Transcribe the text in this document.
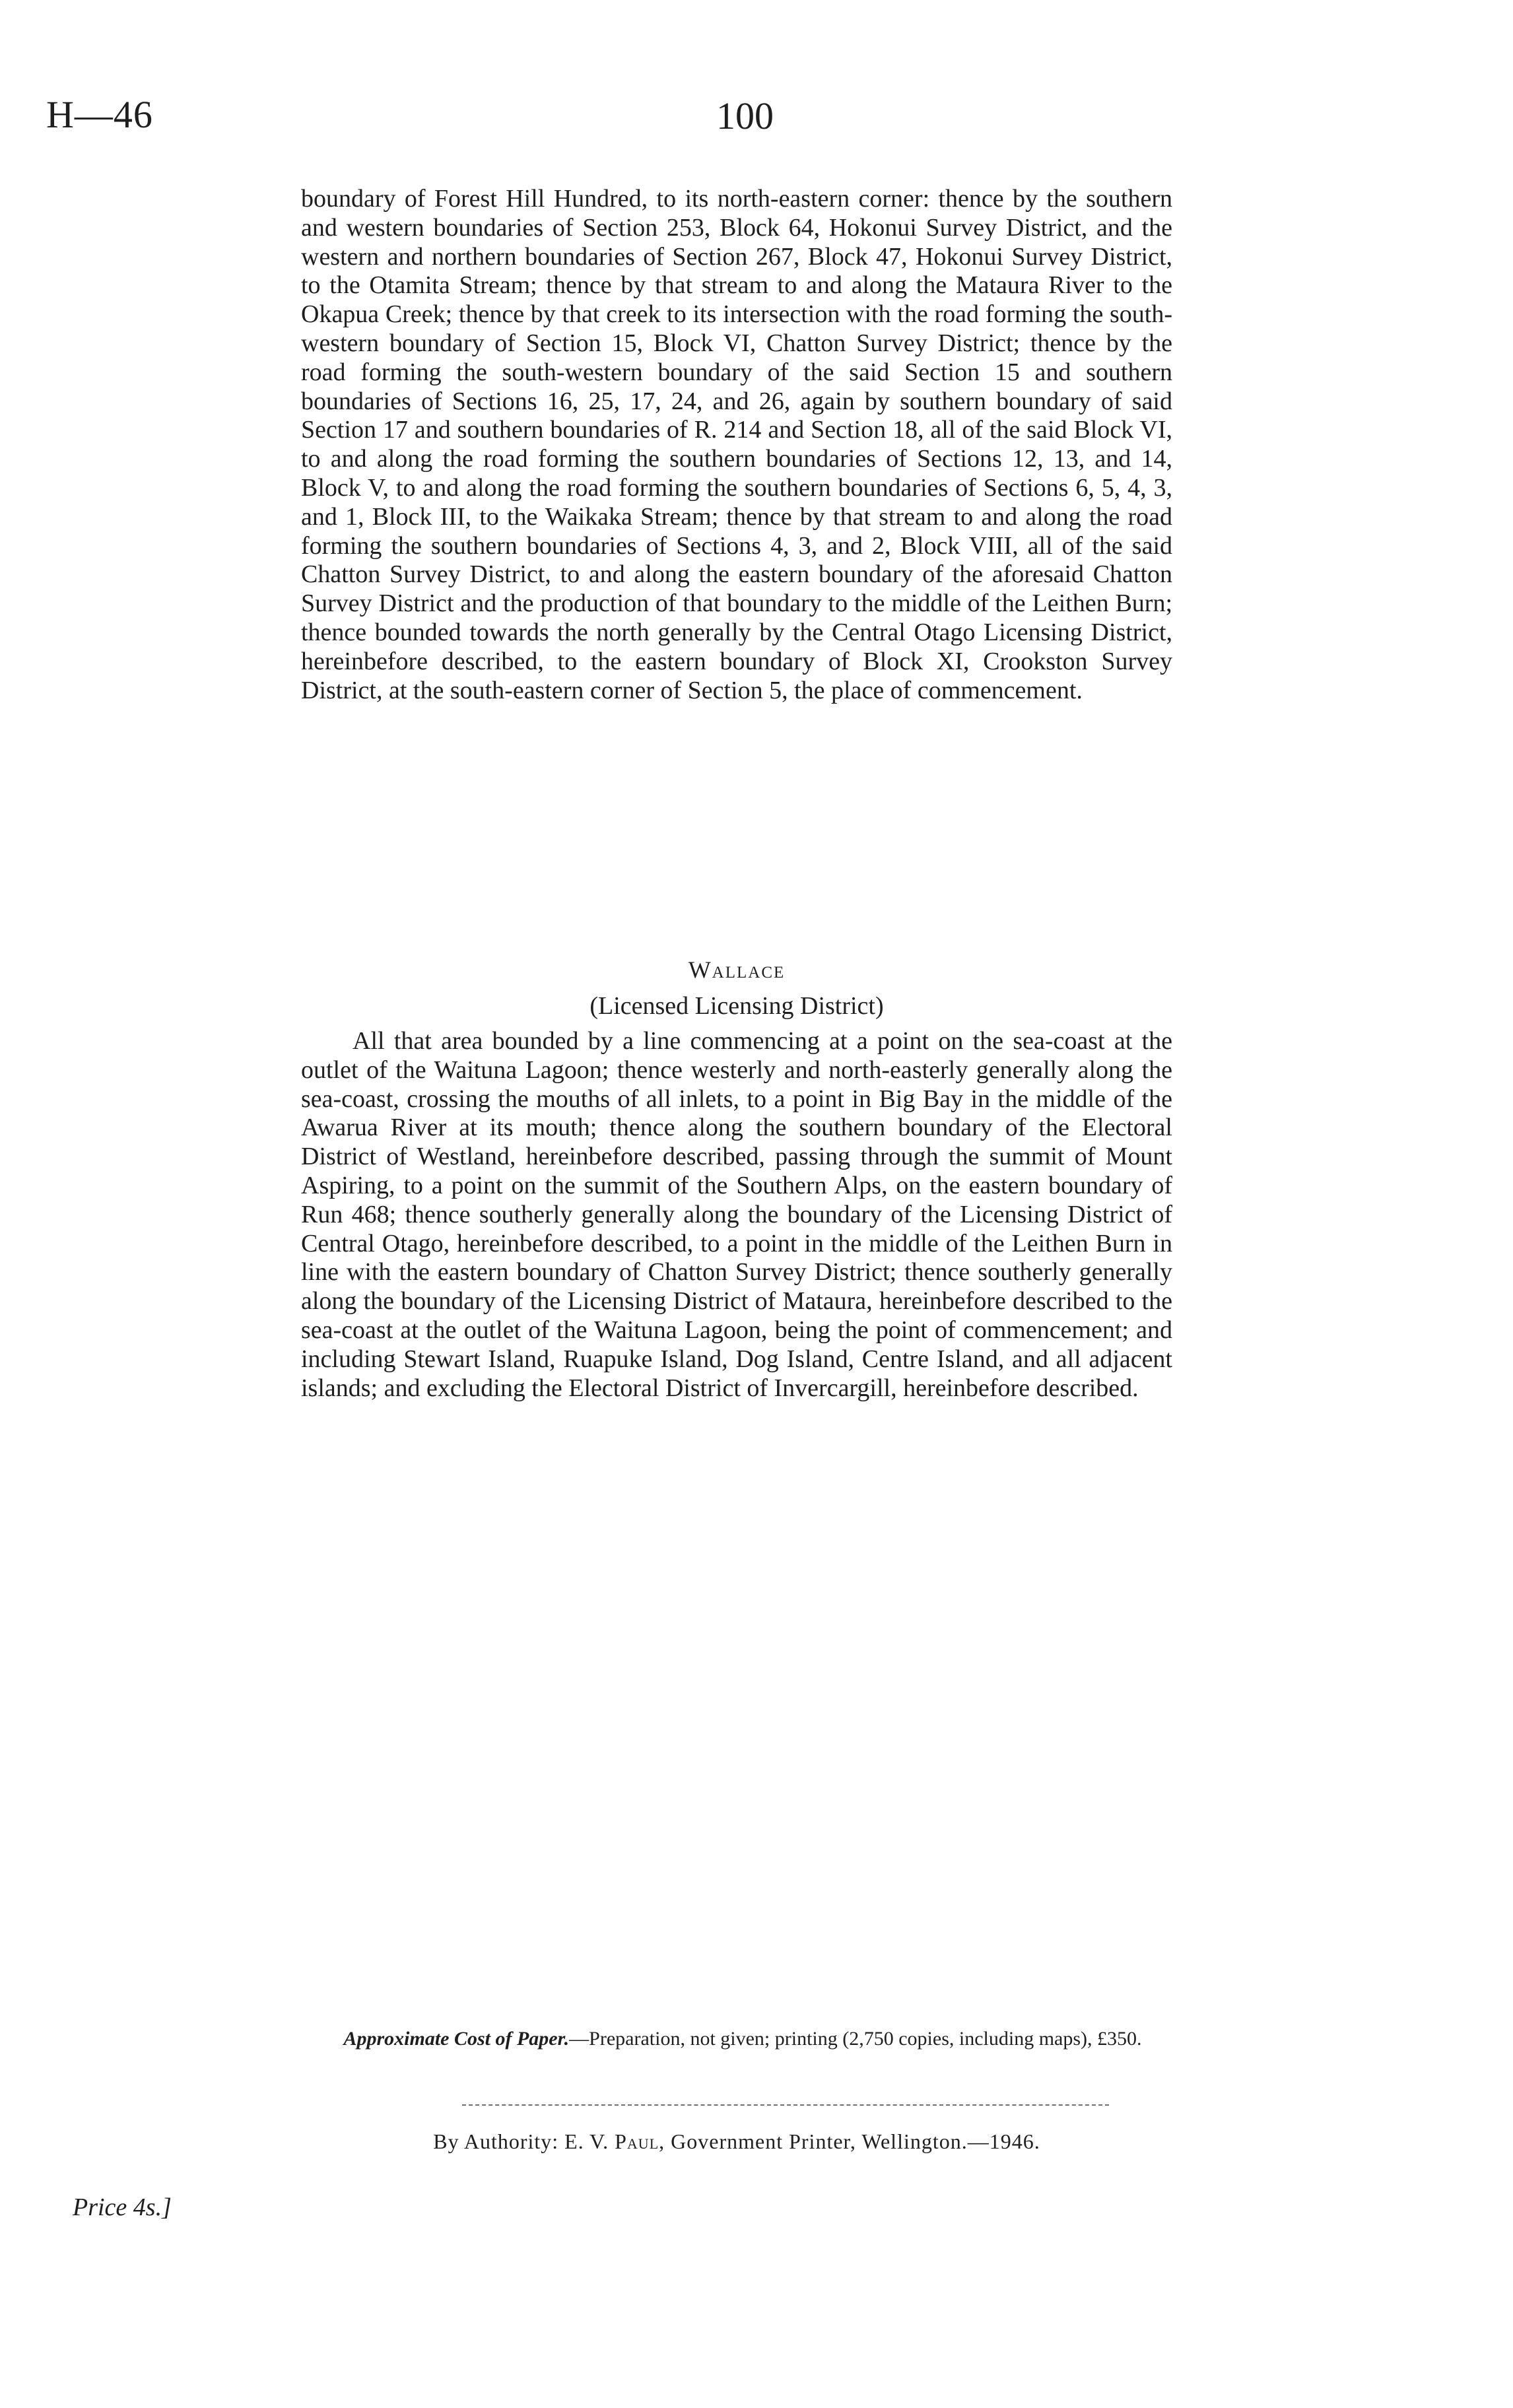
H—46	100
boundary of Forest Hill Hundred, to its north-eastern corner: thence by the southern and western boundaries of Section 253, Block 64, Hokonui Survey District, and the western and northern boundaries of Section 267, Block 47, Hokonui Survey District, to the Otamita Stream; thence by that stream to and along the Mataura River to the Okapua Creek; thence by that creek to its intersection with the road forming the south-western boundary of Section 15, Block VI, Chatton Survey District; thence by the road forming the south-western boundary of the said Section 15 and southern boundaries of Sections 16, 25, 17, 24, and 26, again by southern boundary of said Section 17 and southern boundaries of R. 214 and Section 18, all of the said Block VI, to and along the road forming the southern boundaries of Sections 12, 13, and 14, Block V, to and along the road forming the southern boundaries of Sections 6, 5, 4, 3, and 1, Block III, to the Waikaka Stream; thence by that stream to and along the road forming the southern boundaries of Sections 4, 3, and 2, Block VIII, all of the said Chatton Survey District, to and along the eastern boundary of the aforesaid Chatton Survey District and the production of that boundary to the middle of the Leithen Burn; thence bounded towards the north generally by the Central Otago Licensing District, hereinbefore described, to the eastern boundary of Block XI, Crookston Survey District, at the south-eastern corner of Section 5, the place of commencement.
Wallace
(Licensed Licensing District)
All that area bounded by a line commencing at a point on the sea-coast at the outlet of the Waituna Lagoon; thence westerly and north-easterly generally along the sea-coast, crossing the mouths of all inlets, to a point in Big Bay in the middle of the Awarua River at its mouth; thence along the southern boundary of the Electoral District of Westland, hereinbefore described, passing through the summit of Mount Aspiring, to a point on the summit of the Southern Alps, on the eastern boundary of Run 468; thence southerly generally along the boundary of the Licensing District of Central Otago, hereinbefore described, to a point in the middle of the Leithen Burn in line with the eastern boundary of Chatton Survey District; thence southerly generally along the boundary of the Licensing District of Mataura, hereinbefore described to the sea-coast at the outlet of the Waituna Lagoon, being the point of commencement; and including Stewart Island, Ruapuke Island, Dog Island, Centre Island, and all adjacent islands; and excluding the Electoral District of Invercargill, hereinbefore described.
Approximate Cost of Paper.—Preparation, not given; printing (2,750 copies, including maps), £350.
By Authority: E. V. Paul, Government Printer, Wellington.—1946.
Price 4s.]
